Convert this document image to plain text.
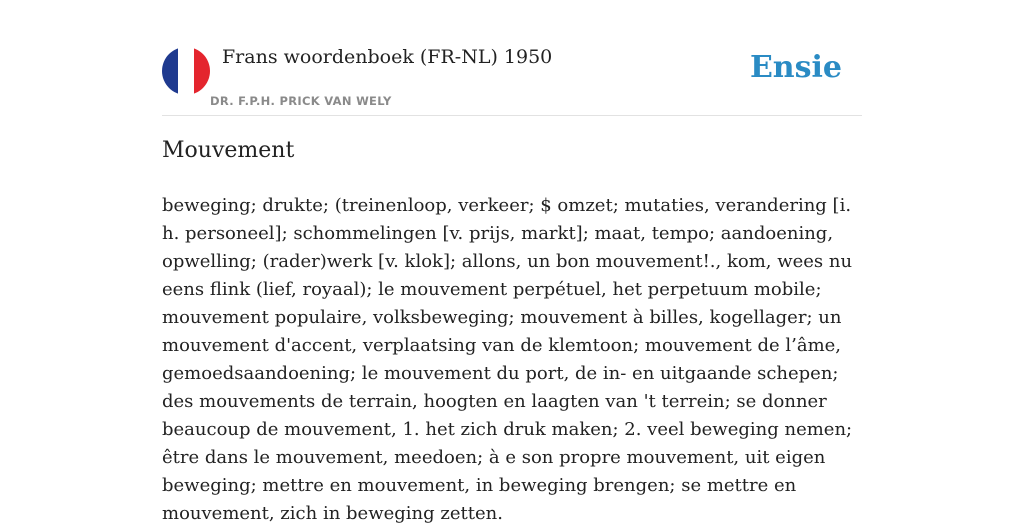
Frans woordenboek (FR-NL) 1950
DR. F.P.H. PRICK VAN WELY
Ensie
Mouvement

beweging; drukte; (treinenloop, verkeer; $ omzet; mutaties, verandering [i. h. personeel]; schommelingen [v. prijs, markt]; maat, tempo; aandoening, opwelling; (rader)werk [v. klok]; allons, un bon mouvement!., kom, wees nu eens flink (lief, royaal); le mouvement perpétuel, het perpetuum mobile; mouvement populaire, volksbeweging; mouvement à billes, kogellager; un mouvement d'accent, verplaatsing van de klemtoon; mouvement de l’âme, gemoedsaandoening; le mouvement du port, de in- en uitgaande schepen; des mouvements de terrain, hoogten en laagten van 't terrein; se donner beaucoup de mouvement, 1. het zich druk maken; 2. veel beweging nemen; être dans le mouvement, meedoen; à e son propre mouvement, uit eigen beweging; mettre en mouvement, in beweging brengen; se mettre en mouvement, zich in beweging zetten.
